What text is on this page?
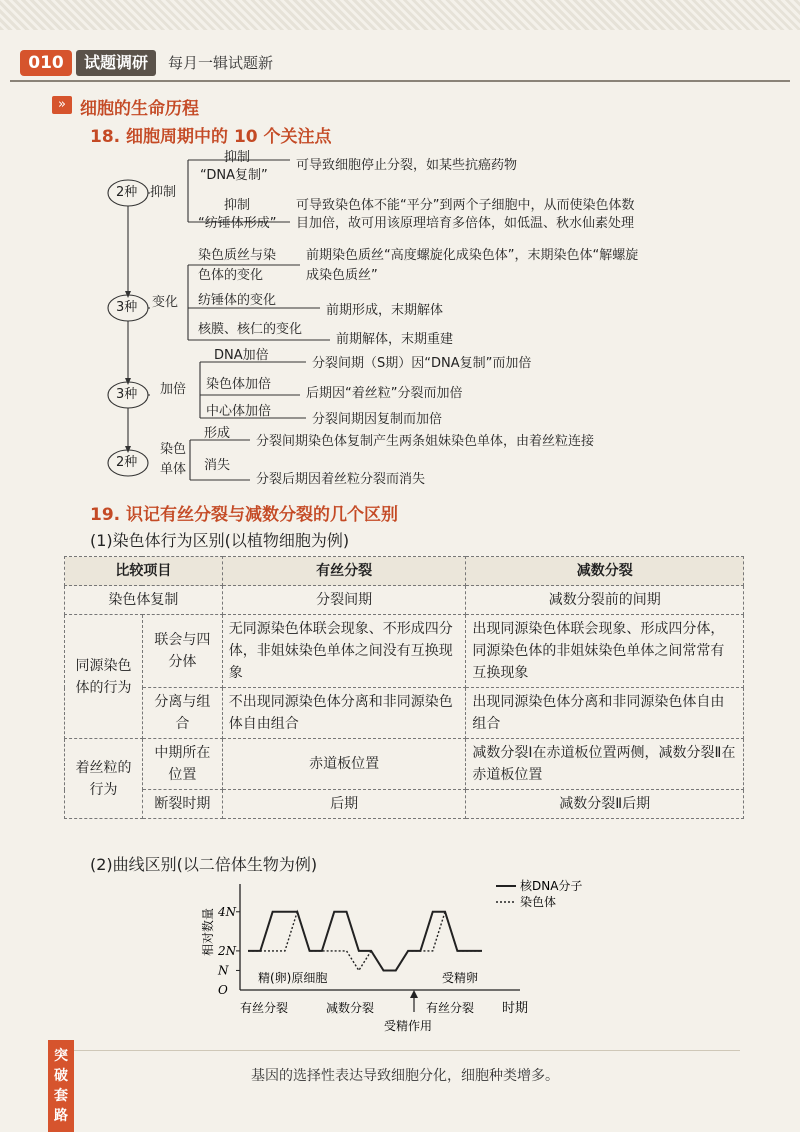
010	试题调研	每月一辑试题新
» 细胞的生命历程
18. 细胞周期中的 10 个关注点
2种 抑制
抑制
“DNA复制”
可导致细胞停止分裂，如某些抗癌药物
抑制
“纺锤体形成”
可导致染色体不能“平分”到两个子细胞中，从而使染色体数
目加倍，故可用该原理培育多倍体，如低温、秋水仙素处理
3种 变化
染色质丝与染
色体的变化
前期染色质丝“高度螺旋化成染色体”，末期染色体“解螺旋
成染色质丝”
纺锤体的变化
前期形成，末期解体
核膜、核仁的变化
前期解体，末期重建
3种 加倍
DNA加倍
分裂间期（S期）因“DNA复制”而加倍
染色体加倍
后期因“着丝粒”分裂而加倍
中心体加倍
分裂间期因复制而加倍
2种
染色
单体
形成
分裂间期染色体复制产生两条姐妹染色单体，由着丝粒连接
消失
分裂后期因着丝粒分裂而消失
19. 识记有丝分裂与减数分裂的几个区别
(1)染色体行为区别(以植物细胞为例)
比较项目		有丝分裂	减数分裂
染色体复制		分裂间期	减数分裂前的间期
同源染色体的行为	联会与四分体	无同源染色体联会现象、不形成四分体，非姐妹染色单体之间没有互换现象	出现同源染色体联会现象、形成四分体，同源染色体的非姐妹染色单体之间常常有互换现象
	分离与组合	不出现同源染色体分离和非同源染色体自由组合	出现同源染色体分离和非同源染色体自由组合
着丝粒的行为	中期所在位置	赤道板位置	减数分裂Ⅰ在赤道板位置两侧，减数分裂Ⅱ在赤道板位置
	断裂时期	后期	减数分裂Ⅱ后期
(2)曲线区别(以二倍体生物为例)
相对数量
时期
核DNA分子
染色体
精(卵)原细胞	受精卵
有丝分裂	减数分裂	有丝分裂
受精作用
4N
2N
N
O
基因的选择性表达导致细胞分化，细胞种类增多。
突破套路
